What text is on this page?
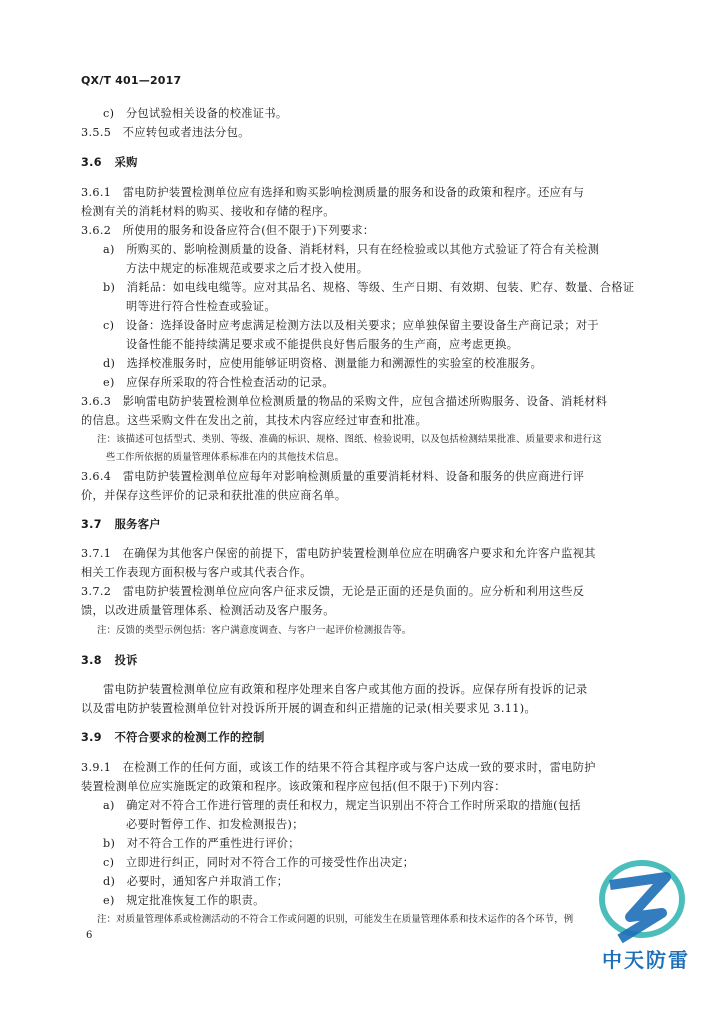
QX/T 401—2017
c)　分包试验相关设备的校准证书。
3.5.5　不应转包或者违法分包。
3.6 采购
3.6.1　雷电防护装置检测单位应有选择和购买影响检测质量的服务和设备的政策和程序。还应有与
检测有关的消耗材料的购买、接收和存储的程序。
3.6.2　所使用的服务和设备应符合(但不限于)下列要求：
a)　所购买的、影响检测质量的设备、消耗材料，只有在经检验或以其他方式验证了符合有关检测
方法中规定的标准规范或要求之后才投入使用。
b)　消耗品：如电线电缆等。应对其品名、规格、等级、生产日期、有效期、包装、贮存、数量、合格证
明等进行符合性检查或验证。
c)　设备：选择设备时应考虑满足检测方法以及相关要求；应单独保留主要设备生产商记录；对于
设备性能不能持续满足要求或不能提供良好售后服务的生产商，应考虑更换。
d)　选择校准服务时，应使用能够证明资格、测量能力和溯源性的实验室的校准服务。
e)　应保存所采取的符合性检查活动的记录。
3.6.3　影响雷电防护装置检测单位检测质量的物品的采购文件，应包含描述所购服务、设备、消耗材料
的信息。这些采购文件在发出之前，其技术内容应经过审查和批准。
注：该描述可包括型式、类别、等级、准确的标识、规格、图纸、检验说明，以及包括检测结果批准、质量要求和进行这
些工作所依据的质量管理体系标准在内的其他技术信息。
3.6.4　雷电防护装置检测单位应每年对影响检测质量的重要消耗材料、设备和服务的供应商进行评
价，并保存这些评价的记录和获批准的供应商名单。
3.7 服务客户
3.7.1　在确保为其他客户保密的前提下，雷电防护装置检测单位应在明确客户要求和允许客户监视其
相关工作表现方面积极与客户或其代表合作。
3.7.2　雷电防护装置检测单位应向客户征求反馈，无论是正面的还是负面的。应分析和利用这些反
馈，以改进质量管理体系、检测活动及客户服务。
注：反馈的类型示例包括：客户满意度调查、与客户一起评价检测报告等。
3.8 投诉
雷电防护装置检测单位应有政策和程序处理来自客户或其他方面的投诉。应保存所有投诉的记录
以及雷电防护装置检测单位针对投诉所开展的调查和纠正措施的记录(相关要求见 3.11)。
3.9 不符合要求的检测工作的控制
3.9.1　在检测工作的任何方面，或该工作的结果不符合其程序或与客户达成一致的要求时，雷电防护
装置检测单位应实施既定的政策和程序。该政策和程序应包括(但不限于)下列内容：
a)　确定对不符合工作进行管理的责任和权力，规定当识别出不符合工作时所采取的措施(包括
必要时暂停工作、扣发检测报告)；
b)　对不符合工作的严重性进行评价；
c)　立即进行纠正，同时对不符合工作的可接受性作出决定；
d)　必要时，通知客户并取消工作；
e)　规定批准恢复工作的职责。
注：对质量管理体系或检测活动的不符合工作或问题的识别，可能发生在质量管理体系和技术运作的各个环节，例
6
中天防雷
